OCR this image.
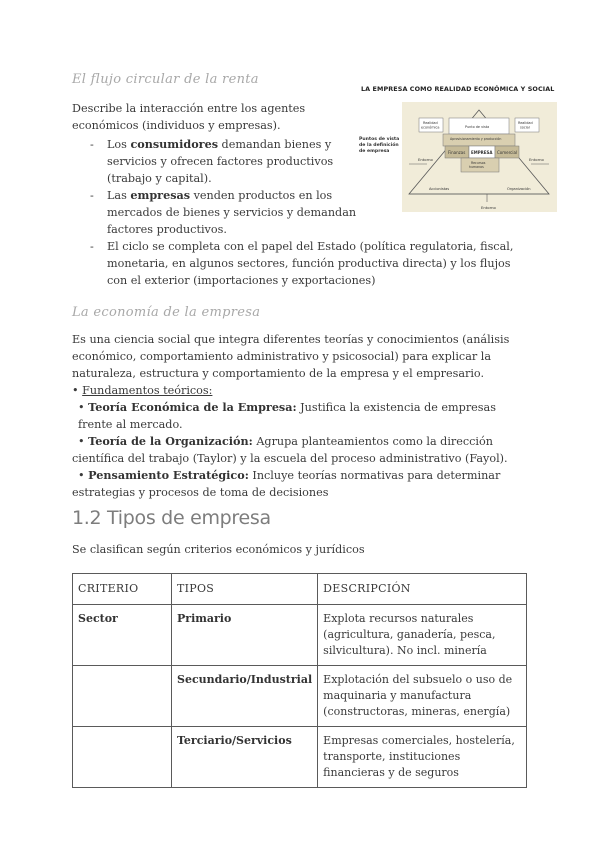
El flujo circular de la renta
Describe la interacción entre los agentes económicos (individuos y empresas).
- Los consumidores demandan bienes y servicios y ofrecen factores productivos (trabajo y capital).
- Las empresas venden productos en los mercados de bienes y servicios y demandan factores productivos.
- El ciclo se completa con el papel del Estado (política regulatoria, fiscal, monetaria, en algunos sectores, función productiva directa) y los flujos con el exterior (importaciones y exportaciones)
LA EMPRESA COMO REALIDAD ECONÓMICA Y SOCIAL
Puntos de vista de la definición de empresa
Realidad económica
Realidad social
Punto de vista
Aprovisionamiento y producción
Finanzas EMPRESA Comercial
Recursos humanos
Entorno	Entorno
Entorno
Accionistas	Organización
La economía de la empresa
Es una ciencia social que integra diferentes teorías y conocimientos (análisis económico, comportamiento administrativo y psicosocial) para explicar la naturaleza, estructura y comportamiento de la empresa y el empresario.
• Fundamentos teóricos:
• Teoría Económica de la Empresa: Justifica la existencia de empresas frente al mercado.
• Teoría de la Organización: Agrupa planteamientos como la dirección científica del trabajo (Taylor) y la escuela del proceso administrativo (Fayol).
• Pensamiento Estratégico: Incluye teorías normativas para determinar estrategias y procesos de toma de decisiones
1.2 Tipos de empresa
Se clasifican según criterios económicos y jurídicos
CRITERIO	TIPOS	DESCRIPCIÓN
Sector	Primario	Explota recursos naturales (agricultura, ganadería, pesca, silvicultura). No incl. minería
	Secundario/Industrial	Explotación del subsuelo o uso de maquinaria y manufactura (constructoras, mineras, energía)
	Terciario/Servicios	Empresas comerciales, hostelería, transporte, instituciones financieras y de seguros
